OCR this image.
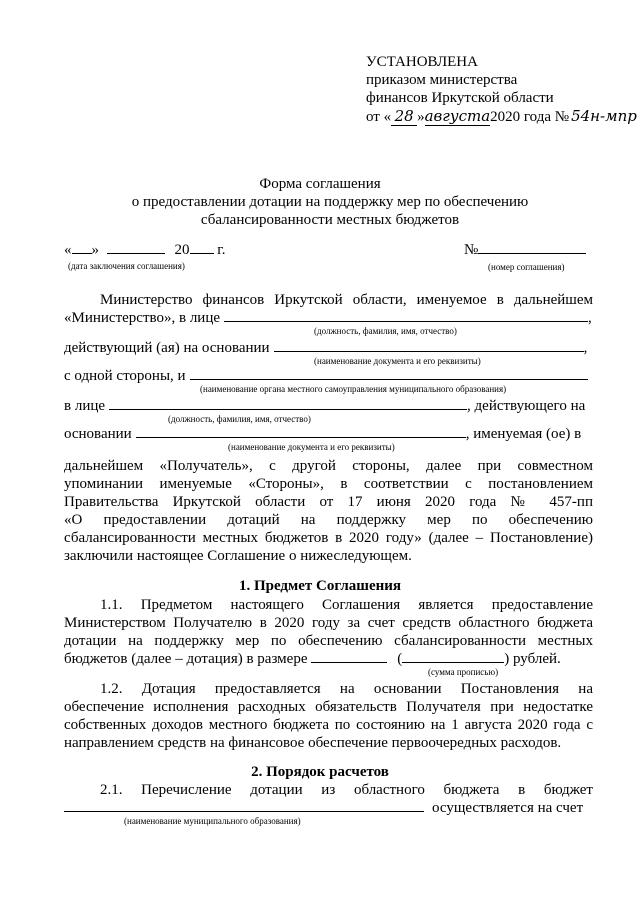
УСТАНОВЛЕНА
приказом министерства
финансов Иркутской области
от « 28 »августа2020 года № 54н-мпр
Форма соглашения
о предоставлении дотации на поддержку мер по обеспечению
сбалансированности местных бюджетов
« »	20 г.
(дата заключения соглашения)
№
(номер соглашения)
Министерство финансов Иркутской области, именуемое в дальнейшем
«Министерство», в лице	,
(должность, фамилия, имя, отчество)
действующий (ая) на основании	,
(наименование документа и его реквизиты)
с одной стороны, и
(наименование органа местного самоуправления муниципального образования)
в лице	, действующего на
(должность, фамилия, имя, отчество)
основании	, именуемая (ое) в
(наименование документа и его реквизиты)
дальнейшем «Получатель», с другой стороны, далее при совместном
упоминании именуемые «Стороны», в соответствии с постановлением
Правительства Иркутской области от 17 июня 2020 года № 457-пп
«О предоставлении дотаций на поддержку мер по обеспечению
сбалансированности местных бюджетов в 2020 году» (далее – Постановление)
заключили настоящее Соглашение о нижеследующем.
1. Предмет Соглашения
1.1. Предметом настоящего Соглашения является предоставление
Министерством Получателю в 2020 году за счет средств областного бюджета
дотации на поддержку мер по обеспечению сбалансированности местных
бюджетов (далее – дотация) в размере	(	) рублей.
(сумма прописью)
1.2. Дотация предоставляется на основании Постановления на
обеспечение исполнения расходных обязательств Получателя при недостатке
собственных доходов местного бюджета по состоянию на 1 августа 2020 года с
направлением средств на финансовое обеспечение первоочередных расходов.
2. Порядок расчетов
2.1. Перечисление дотации из областного бюджета в бюджет
осуществляется на счет
(наименование муниципального образования)
